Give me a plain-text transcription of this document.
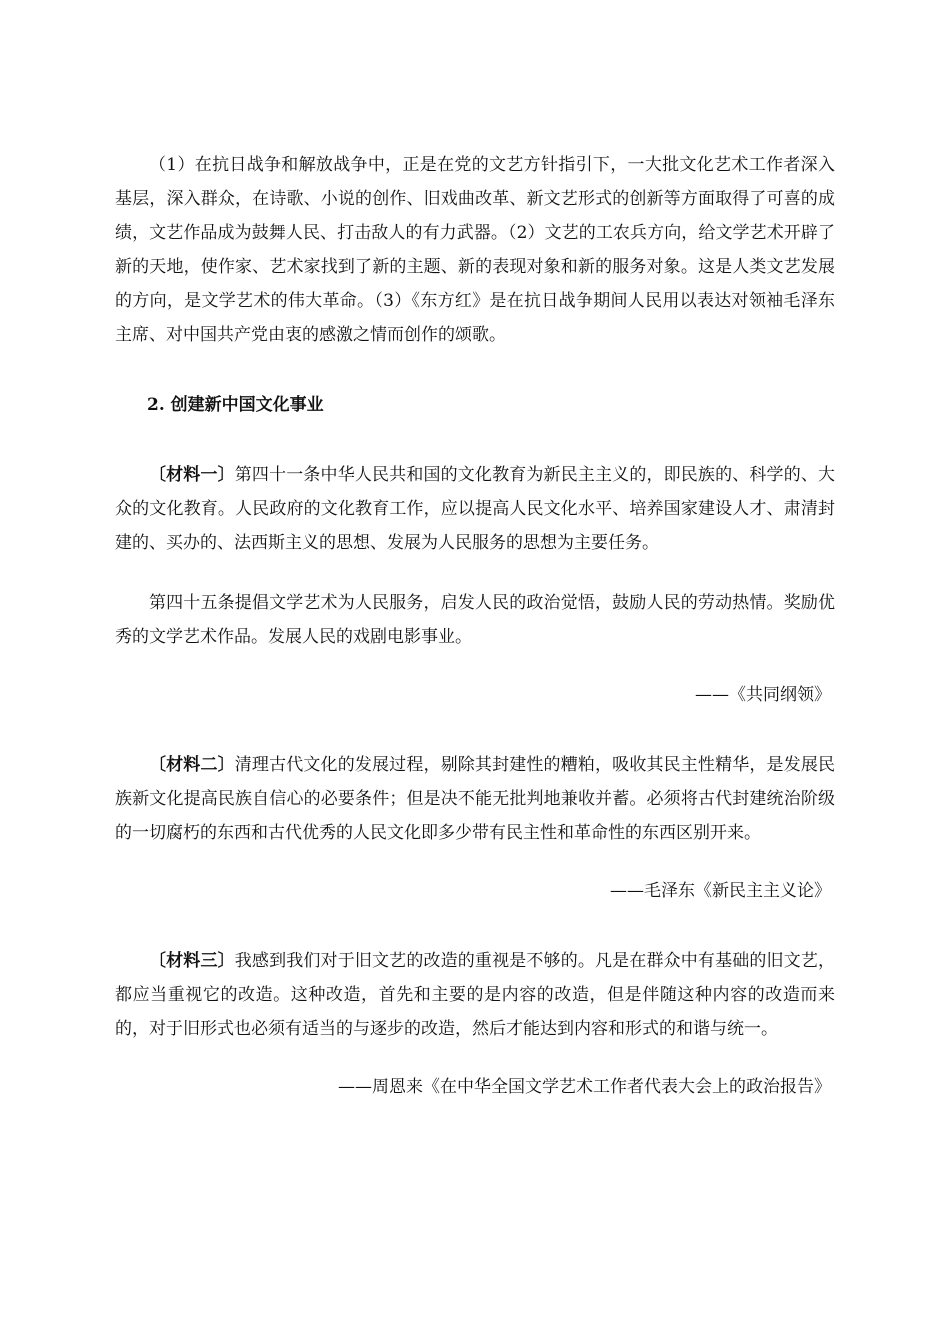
（1）在抗日战争和解放战争中，正是在党的文艺方针指引下，一大批文化艺术工作者深入基层，深入群众，在诗歌、小说的创作、旧戏曲改革、新文艺形式的创新等方面取得了可喜的成绩，文艺作品成为鼓舞人民、打击敌人的有力武器。（2）文艺的工农兵方向，给文学艺术开辟了新的天地，使作家、艺术家找到了新的主题、新的表现对象和新的服务对象。这是人类文艺发展的方向，是文学艺术的伟大革命。（3）《东方红》是在抗日战争期间人民用以表达对领袖毛泽东主席、对中国共产党由衷的感激之情而创作的颂歌。

2. 创建新中国文化事业

〔材料一〕第四十一条中华人民共和国的文化教育为新民主主义的，即民族的、科学的、大众的文化教育。人民政府的文化教育工作，应以提高人民文化水平、培养国家建设人才、肃清封建的、买办的、法西斯主义的思想、发展为人民服务的思想为主要任务。

第四十五条提倡文学艺术为人民服务，启发人民的政治觉悟，鼓励人民的劳动热情。奖励优秀的文学艺术作品。发展人民的戏剧电影事业。

——《共同纲领》

〔材料二〕清理古代文化的发展过程，剔除其封建性的糟粕，吸收其民主性精华，是发展民族新文化提高民族自信心的必要条件；但是决不能无批判地兼收并蓄。必须将古代封建统治阶级的一切腐朽的东西和古代优秀的人民文化即多少带有民主性和革命性的东西区别开来。

——毛泽东《新民主主义论》

〔材料三〕我感到我们对于旧文艺的改造的重视是不够的。凡是在群众中有基础的旧文艺，都应当重视它的改造。这种改造，首先和主要的是内容的改造，但是伴随这种内容的改造而来的，对于旧形式也必须有适当的与逐步的改造，然后才能达到内容和形式的和谐与统一。

——周恩来《在中华全国文学艺术工作者代表大会上的政治报告》
